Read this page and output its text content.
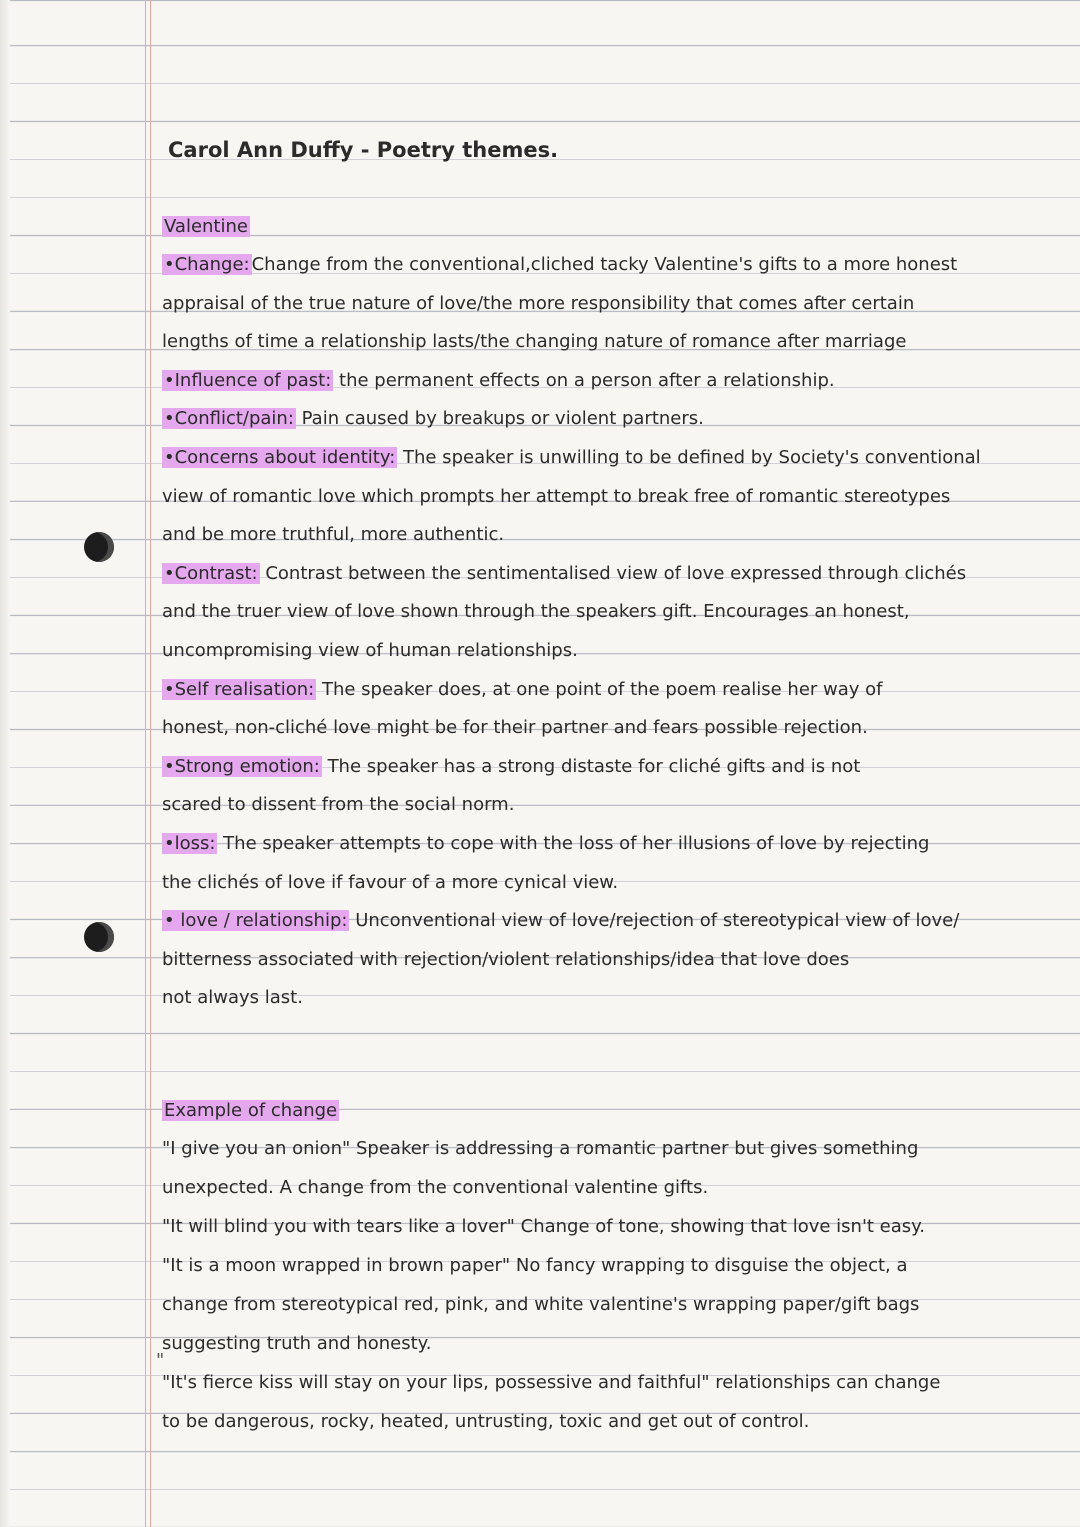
Carol Ann Duffy - Poetry themes.
Valentine
•Change: Change from the conventional,cliched tacky Valentine's gifts to a more honest
appraisal of the true nature of love/the more responsibility that comes after certain
lengths of time a relationship lasts/the changing nature of romance after marriage
•Influence of past: the permanent effects on a person after a relationship.
•Conflict/pain: Pain caused by breakups or violent partners.
•Concerns about identity: The speaker is unwilling to be defined by Society's conventional
view of romantic love which prompts her attempt to break free of romantic stereotypes
and be more truthful, more authentic.
•Contrast: Contrast between the sentimentalised view of love expressed through clichés
and the truer view of love shown through the speakers gift. Encourages an honest,
uncompromising view of human relationships.
•Self realisation: The speaker does, at one point of the poem realise her way of
honest, non-cliché love might be for their partner and fears possible rejection.
•Strong emotion: The speaker has a strong distaste for cliché gifts and is not
scared to dissent from the social norm.
•loss: The speaker attempts to cope with the loss of her illusions of love by rejecting
the clichés of love if favour of a more cynical view.
• love / relationship: Unconventional view of love/rejection of stereotypical view of love/
bitterness associated with rejection/violent relationships/idea that love does
not always last.
Example of change
"I give you an onion" Speaker is addressing a romantic partner but gives something
unexpected. A change from the conventional valentine gifts.
"It will blind you with tears like a lover" Change of tone, showing that love isn't easy.
"It is a moon wrapped in brown paper" No fancy wrapping to disguise the object, a
change from stereotypical red, pink, and white valentine's wrapping paper/gift bags
suggesting truth and honesty.
"It's fierce kiss will stay on your lips, possessive and faithful" relationships can change
to be dangerous, rocky, heated, untrusting, toxic and get out of control.
"
